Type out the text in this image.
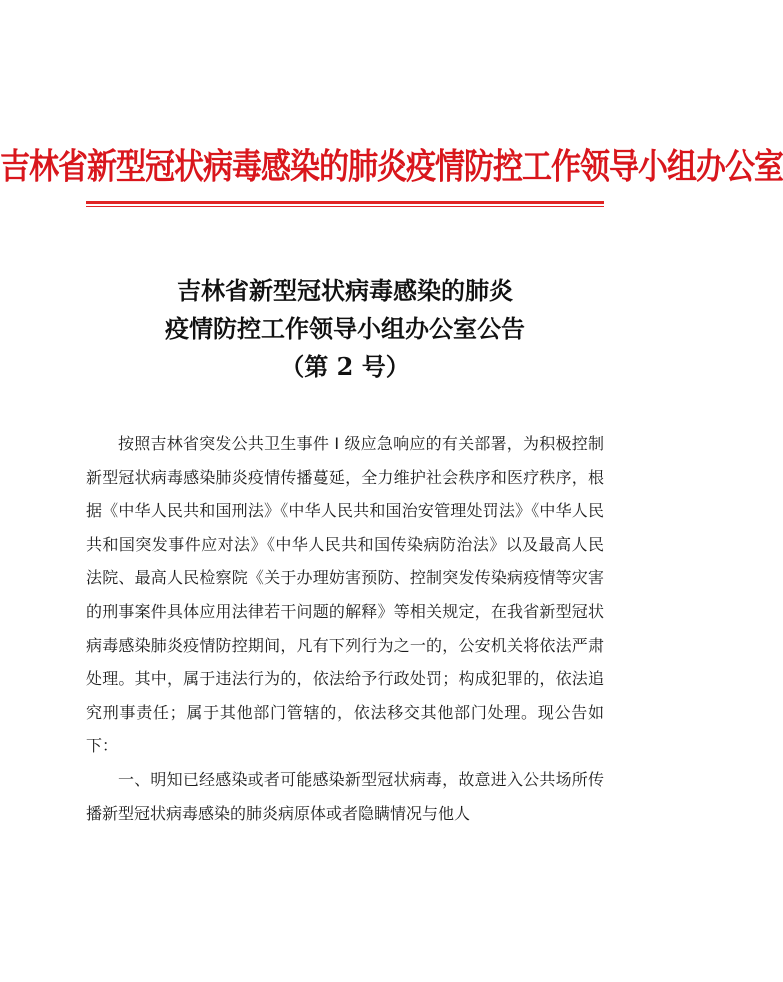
吉林省新型冠状病毒感染的肺炎疫情防控工作领导小组办公室
吉林省新型冠状病毒感染的肺炎
疫情防控工作领导小组办公室公告
（第 2 号）

按照吉林省突发公共卫生事件 I 级应急响应的有关部署，为积极控制新型冠状病毒感染肺炎疫情传播蔓延，全力维护社会秩序和医疗秩序，根据《中华人民共和国刑法》《中华人民共和国治安管理处罚法》《中华人民共和国突发事件应对法》《中华人民共和国传染病防治法》以及最高人民法院、最高人民检察院《关于办理妨害预防、控制突发传染病疫情等灾害的刑事案件具体应用法律若干问题的解释》等相关规定，在我省新型冠状病毒感染肺炎疫情防控期间，凡有下列行为之一的，公安机关将依法严肃处理。其中，属于违法行为的，依法给予行政处罚；构成犯罪的，依法追究刑事责任；属于其他部门管辖的，依法移交其他部门处理。现公告如下：

一、明知已经感染或者可能感染新型冠状病毒，故意进入公共场所传播新型冠状病毒感染的肺炎病原体或者隐瞒情况与他人
